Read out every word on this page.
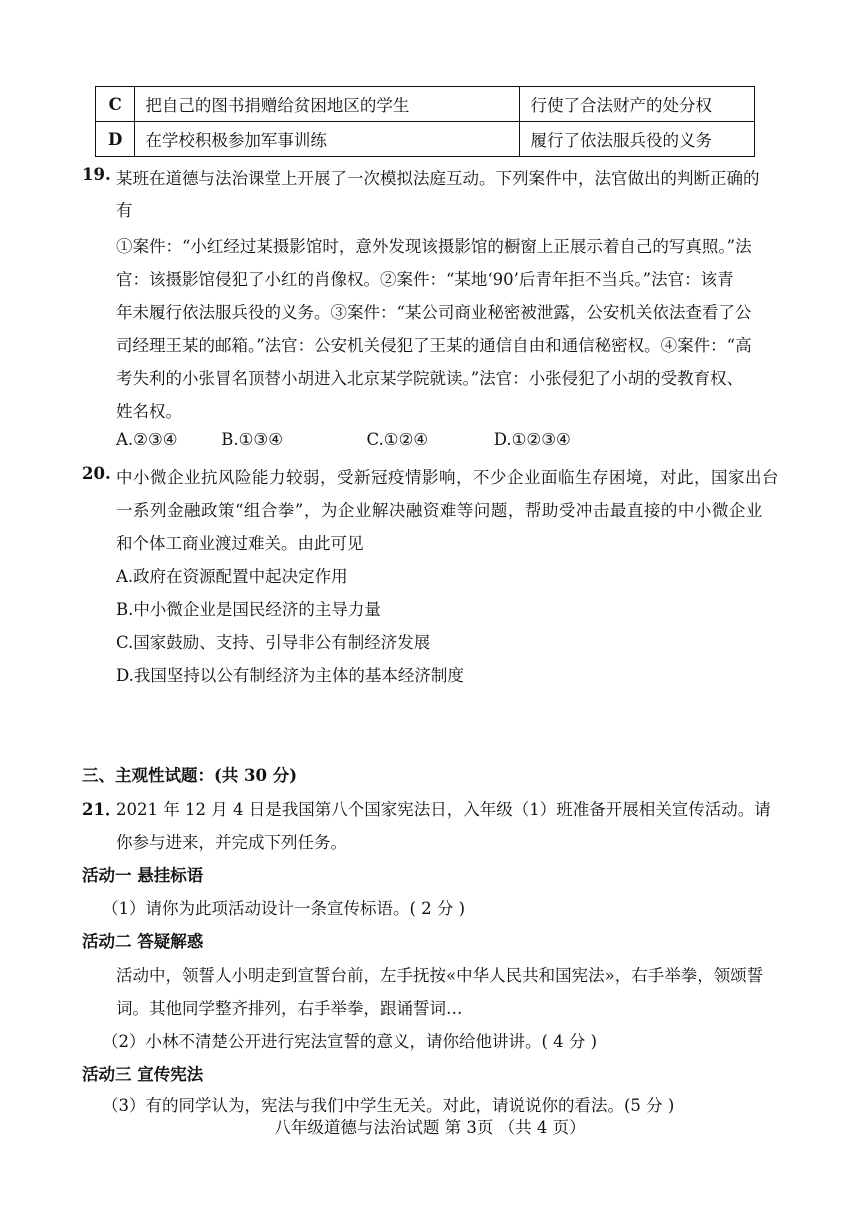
C	把自己的图书捐赠给贫困地区的学生	行使了合法财产的处分权
D	在学校积极参加军事训练	履行了依法服兵役的义务
19. 某班在道德与法治课堂上开展了一次模拟法庭互动。下列案件中，法官做出的判断正确的
有
①案件：“小红经过某摄影馆时，意外发现该摄影馆的橱窗上正展示着自己的写真照。”法
官：该摄影馆侵犯了小红的肖像权。②案件：“某地‘90’后青年拒不当兵。”法官：该青
年未履行依法服兵役的义务。③案件：“某公司商业秘密被泄露，公安机关依法查看了公
司经理王某的邮箱。”法官：公安机关侵犯了王某的通信自由和通信秘密权。④案件：“高
考失利的小张冒名顶替小胡进入北京某学院就读。”法官：小张侵犯了小胡的受教育权、
姓名权。
A.②③④	B.①③④	C.①②④	D.①②③④
20. 中小微企业抗风险能力较弱，受新冠疫情影响，不少企业面临生存困境，对此，国家出台
一系列金融政策“组合拳”，为企业解决融资难等问题，帮助受冲击最直接的中小微企业
和个体工商业渡过难关。由此可见
A.政府在资源配置中起决定作用
B.中小微企业是国民经济的主导力量
C.国家鼓励、支持、引导非公有制经济发展
D.我国坚持以公有制经济为主体的基本经济制度
三、主观性试题：(共 30 分)
21．
2021 年 12 月 4 日是我国第八个国家宪法日，入年级（1）班准备开展相关宣传活动。请
你参与进来，并完成下列任务。
活动一 悬挂标语
（1）请你为此项活动设计一条宣传标语。( 2 分 )
活动二 答疑解惑
活动中，领誓人小明走到宣誓台前，左手抚按«中华人民共和国宪法»，右手举拳，领颂誓
词。其他同学整齐排列，右手举拳，跟诵誓词…
（2）小林不清楚公开进行宪法宣誓的意义，请你给他讲讲。( 4 分 )
活动三 宣传宪法
（3）有的同学认为，宪法与我们中学生无关。对此，请说说你的看法。(5 分 )
八年级道德与法治试题 第 3页 （共 4 页）
